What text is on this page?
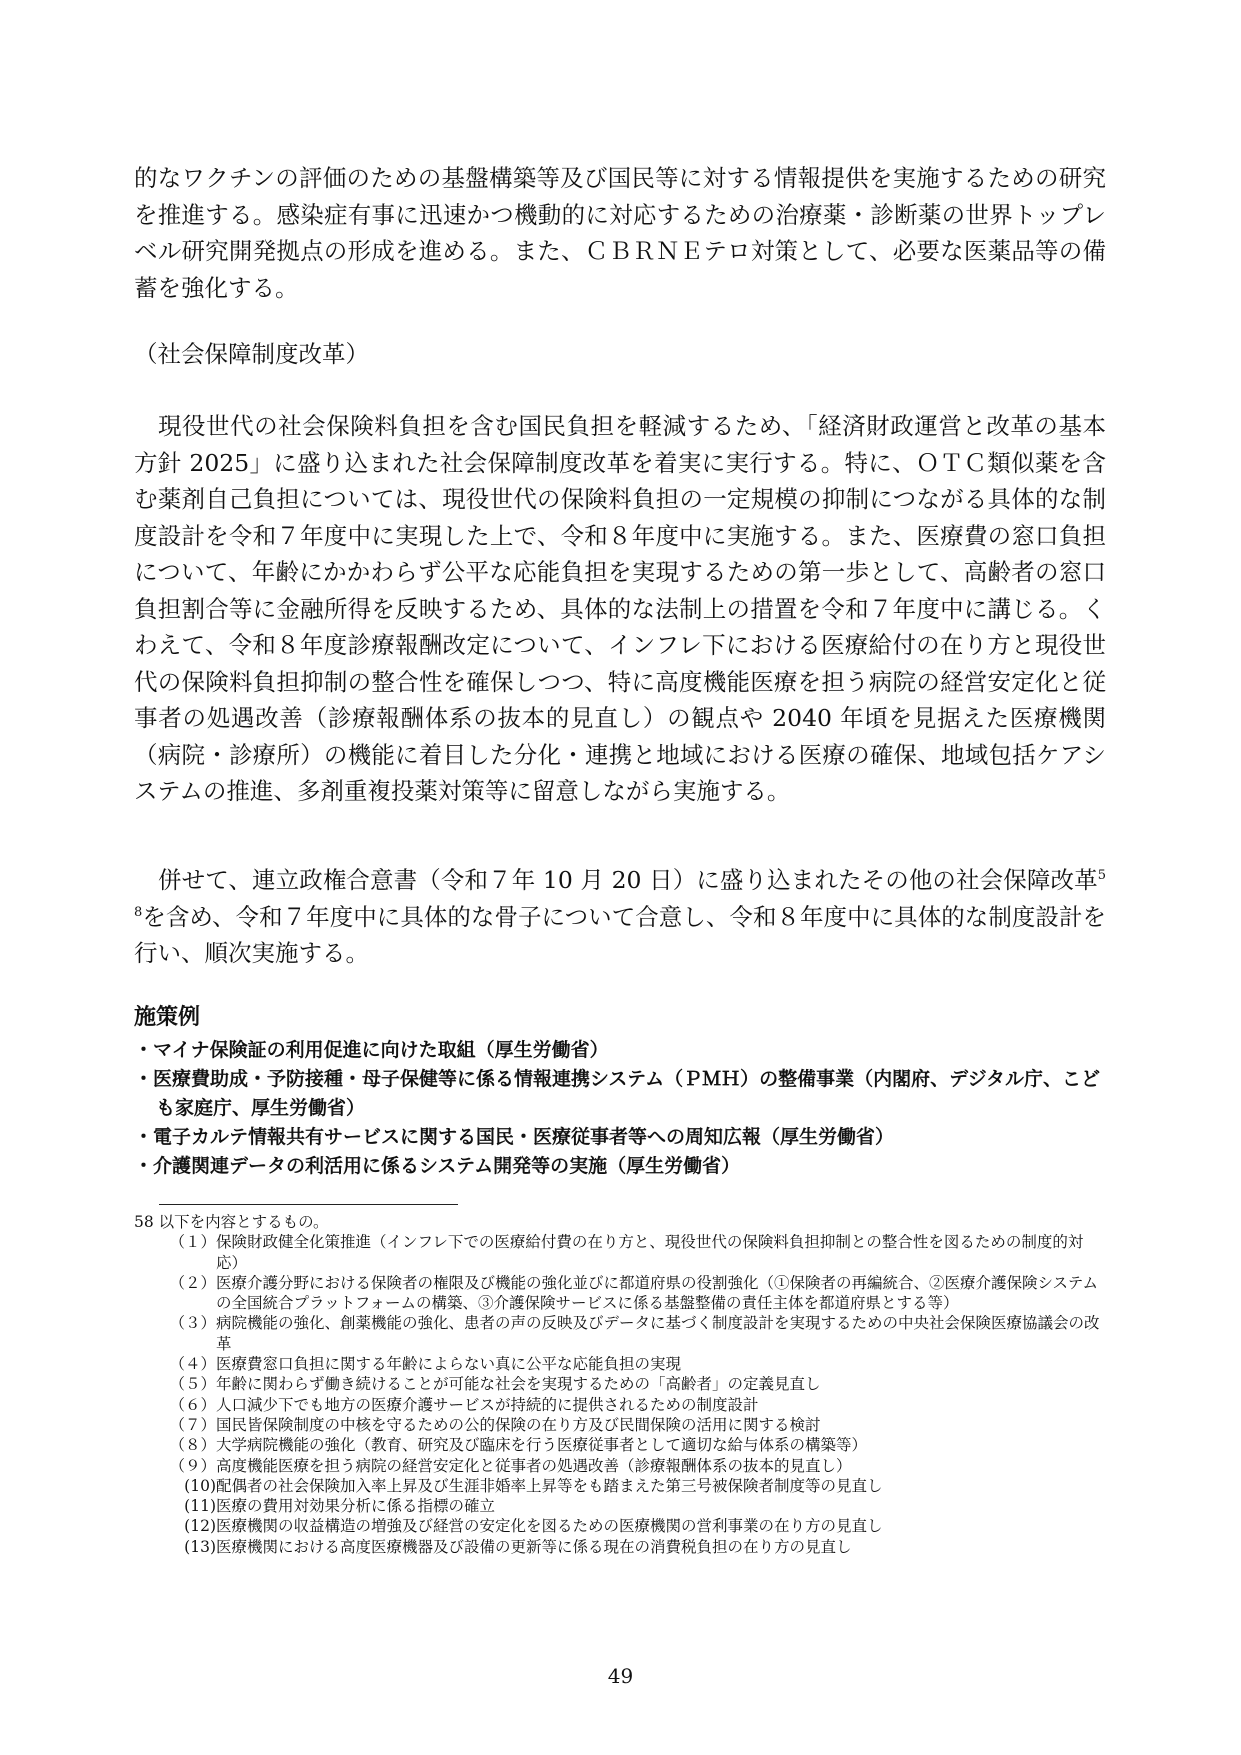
的なワクチンの評価のための基盤構築等及び国民等に対する情報提供を実施するための研究を推進する。感染症有事に迅速かつ機動的に対応するための治療薬・診断薬の世界トップレベル研究開発拠点の形成を進める。また、ＣＢＲＮＥテロ対策として、必要な医薬品等の備蓄を強化する。

（社会保障制度改革）

現役世代の社会保険料負担を含む国民負担を軽減するため、「経済財政運営と改革の基本方針 2025」に盛り込まれた社会保障制度改革を着実に実行する。特に、ＯＴＣ類似薬を含む薬剤自己負担については、現役世代の保険料負担の一定規模の抑制につながる具体的な制度設計を令和７年度中に実現した上で、令和８年度中に実施する。また、医療費の窓口負担について、年齢にかかわらず公平な応能負担を実現するための第一歩として、高齢者の窓口負担割合等に金融所得を反映するため、具体的な法制上の措置を令和７年度中に講じる。くわえて、令和８年度診療報酬改定について、インフレ下における医療給付の在り方と現役世代の保険料負担抑制の整合性を確保しつつ、特に高度機能医療を担う病院の経営安定化と従事者の処遇改善（診療報酬体系の抜本的見直し）の観点や 2040 年頃を見据えた医療機関（病院・診療所）の機能に着目した分化・連携と地域における医療の確保、地域包括ケアシステムの推進、多剤重複投薬対策等に留意しながら実施する。

併せて、連立政権合意書（令和７年 10 月 20 日）に盛り込まれたその他の社会保障改革$^{58}$を含め、令和７年度中に具体的な骨子について合意し、令和８年度中に具体的な制度設計を行い、順次実施する。

施策例
・マイナ保険証の利用促進に向けた取組（厚生労働省）
・医療費助成・予防接種・母子保健等に係る情報連携システム（ＰＭＨ）の整備事業（内閣府、デジタル庁、こども家庭庁、厚生労働省）
・電子カルテ情報共有サービスに関する国民・医療従事者等への周知広報（厚生労働省）
・介護関連データの利活用に係るシステム開発等の実施（厚生労働省）

58 以下を内容とするもの。

（１） 保険財政健全化策推進（インフレ下での医療給付費の在り方と、現役世代の保険料負担抑制との整合性を図るための制度的対応）
（２） 医療介護分野における保険者の権限及び機能の強化並びに都道府県の役割強化（①保険者の再編統合、②医療介護保険システムの全国統合プラットフォームの構築、③介護保険サービスに係る基盤整備の責任主体を都道府県とする等）
（３） 病院機能の強化、創薬機能の強化、患者の声の反映及びデータに基づく制度設計を実現するための中央社会保険医療協議会の改革
（４） 医療費窓口負担に関する年齢によらない真に公平な応能負担の実現
（５） 年齢に関わらず働き続けることが可能な社会を実現するための「高齢者」の定義見直し
（６） 人口減少下でも地方の医療介護サービスが持続的に提供されるための制度設計
（７） 国民皆保険制度の中核を守るための公的保険の在り方及び民間保険の活用に関する検討
（８） 大学病院機能の強化（教育、研究及び臨床を行う医療従事者として適切な給与体系の構築等）
（９） 高度機能医療を担う病院の経営安定化と従事者の処遇改善（診療報酬体系の抜本的見直し）
(10) 配偶者の社会保険加入率上昇及び生涯非婚率上昇等をも踏まえた第三号被保険者制度等の見直し
(11) 医療の費用対効果分析に係る指標の確立
(12) 医療機関の収益構造の増強及び経営の安定化を図るための医療機関の営利事業の在り方の見直し
(13) 医療機関における高度医療機器及び設備の更新等に係る現在の消費税負担の在り方の見直し
49
